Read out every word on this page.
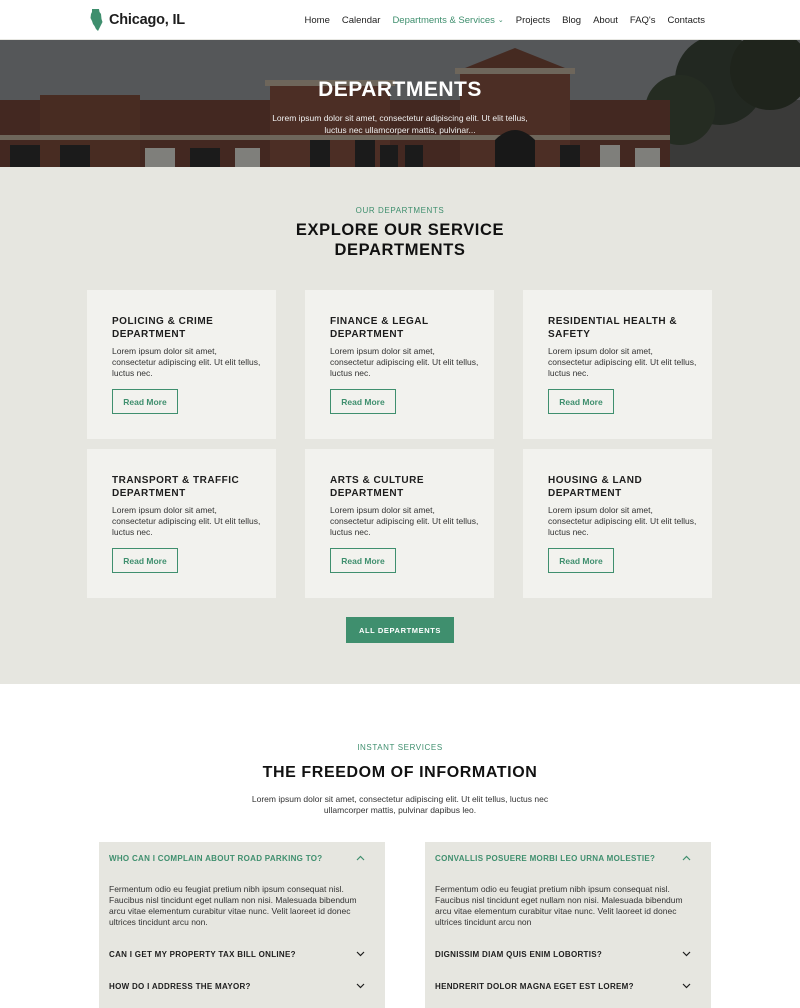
Chicago, IL	Home Calendar Departments & Services ⌄ Projects Blog About FAQ's Contacts
DEPARTMENTS
Lorem ipsum dolor sit amet, consectetur adipiscing elit. Ut elit tellus, luctus nec ullamcorper mattis, pulvinar...
OUR DEPARTMENTS
EXPLORE OUR SERVICE
DEPARTMENTS
POLICING & CRIME DEPARTMENT
Lorem ipsum dolor sit amet, consectetur adipiscing elit. Ut elit tellus, luctus nec.
Read More
FINANCE & LEGAL DEPARTMENT
Lorem ipsum dolor sit amet, consectetur adipiscing elit. Ut elit tellus, luctus nec.
Read More
RESIDENTIAL HEALTH & SAFETY
Lorem ipsum dolor sit amet, consectetur adipiscing elit. Ut elit tellus, luctus nec.
Read More
TRANSPORT & TRAFFIC DEPARTMENT
Lorem ipsum dolor sit amet, consectetur adipiscing elit. Ut elit tellus, luctus nec.
Read More
ARTS & CULTURE DEPARTMENT
Lorem ipsum dolor sit amet, consectetur adipiscing elit. Ut elit tellus, luctus nec.
Read More
HOUSING & LAND DEPARTMENT
Lorem ipsum dolor sit amet, consectetur adipiscing elit. Ut elit tellus, luctus nec.
Read More
ALL DEPARTMENTS
INSTANT SERVICES
THE FREEDOM OF INFORMATION
Lorem ipsum dolor sit amet, consectetur adipiscing elit. Ut elit tellus, luctus nec ullamcorper mattis, pulvinar dapibus leo.
WHO CAN I COMPLAIN ABOUT ROAD PARKING TO?
Fermentum odio eu feugiat pretium nibh ipsum consequat nisl. Faucibus nisl tincidunt eget nullam non nisi. Malesuada bibendum arcu vitae elementum curabitur vitae nunc. Velit laoreet id donec ultrices tincidunt arcu non.
CAN I GET MY PROPERTY TAX BILL ONLINE?
HOW DO I ADDRESS THE MAYOR?
CONVALLIS POSUERE MORBI LEO URNA MOLESTIE?
Fermentum odio eu feugiat pretium nibh ipsum consequat nisl. Faucibus nisl tincidunt eget nullam non nisi. Malesuada bibendum arcu vitae elementum curabitur vitae nunc. Velit laoreet id donec ultrices tincidunt arcu non
DIGNISSIM DIAM QUIS ENIM LOBORTIS?
HENDRERIT DOLOR MAGNA EGET EST LOREM?
